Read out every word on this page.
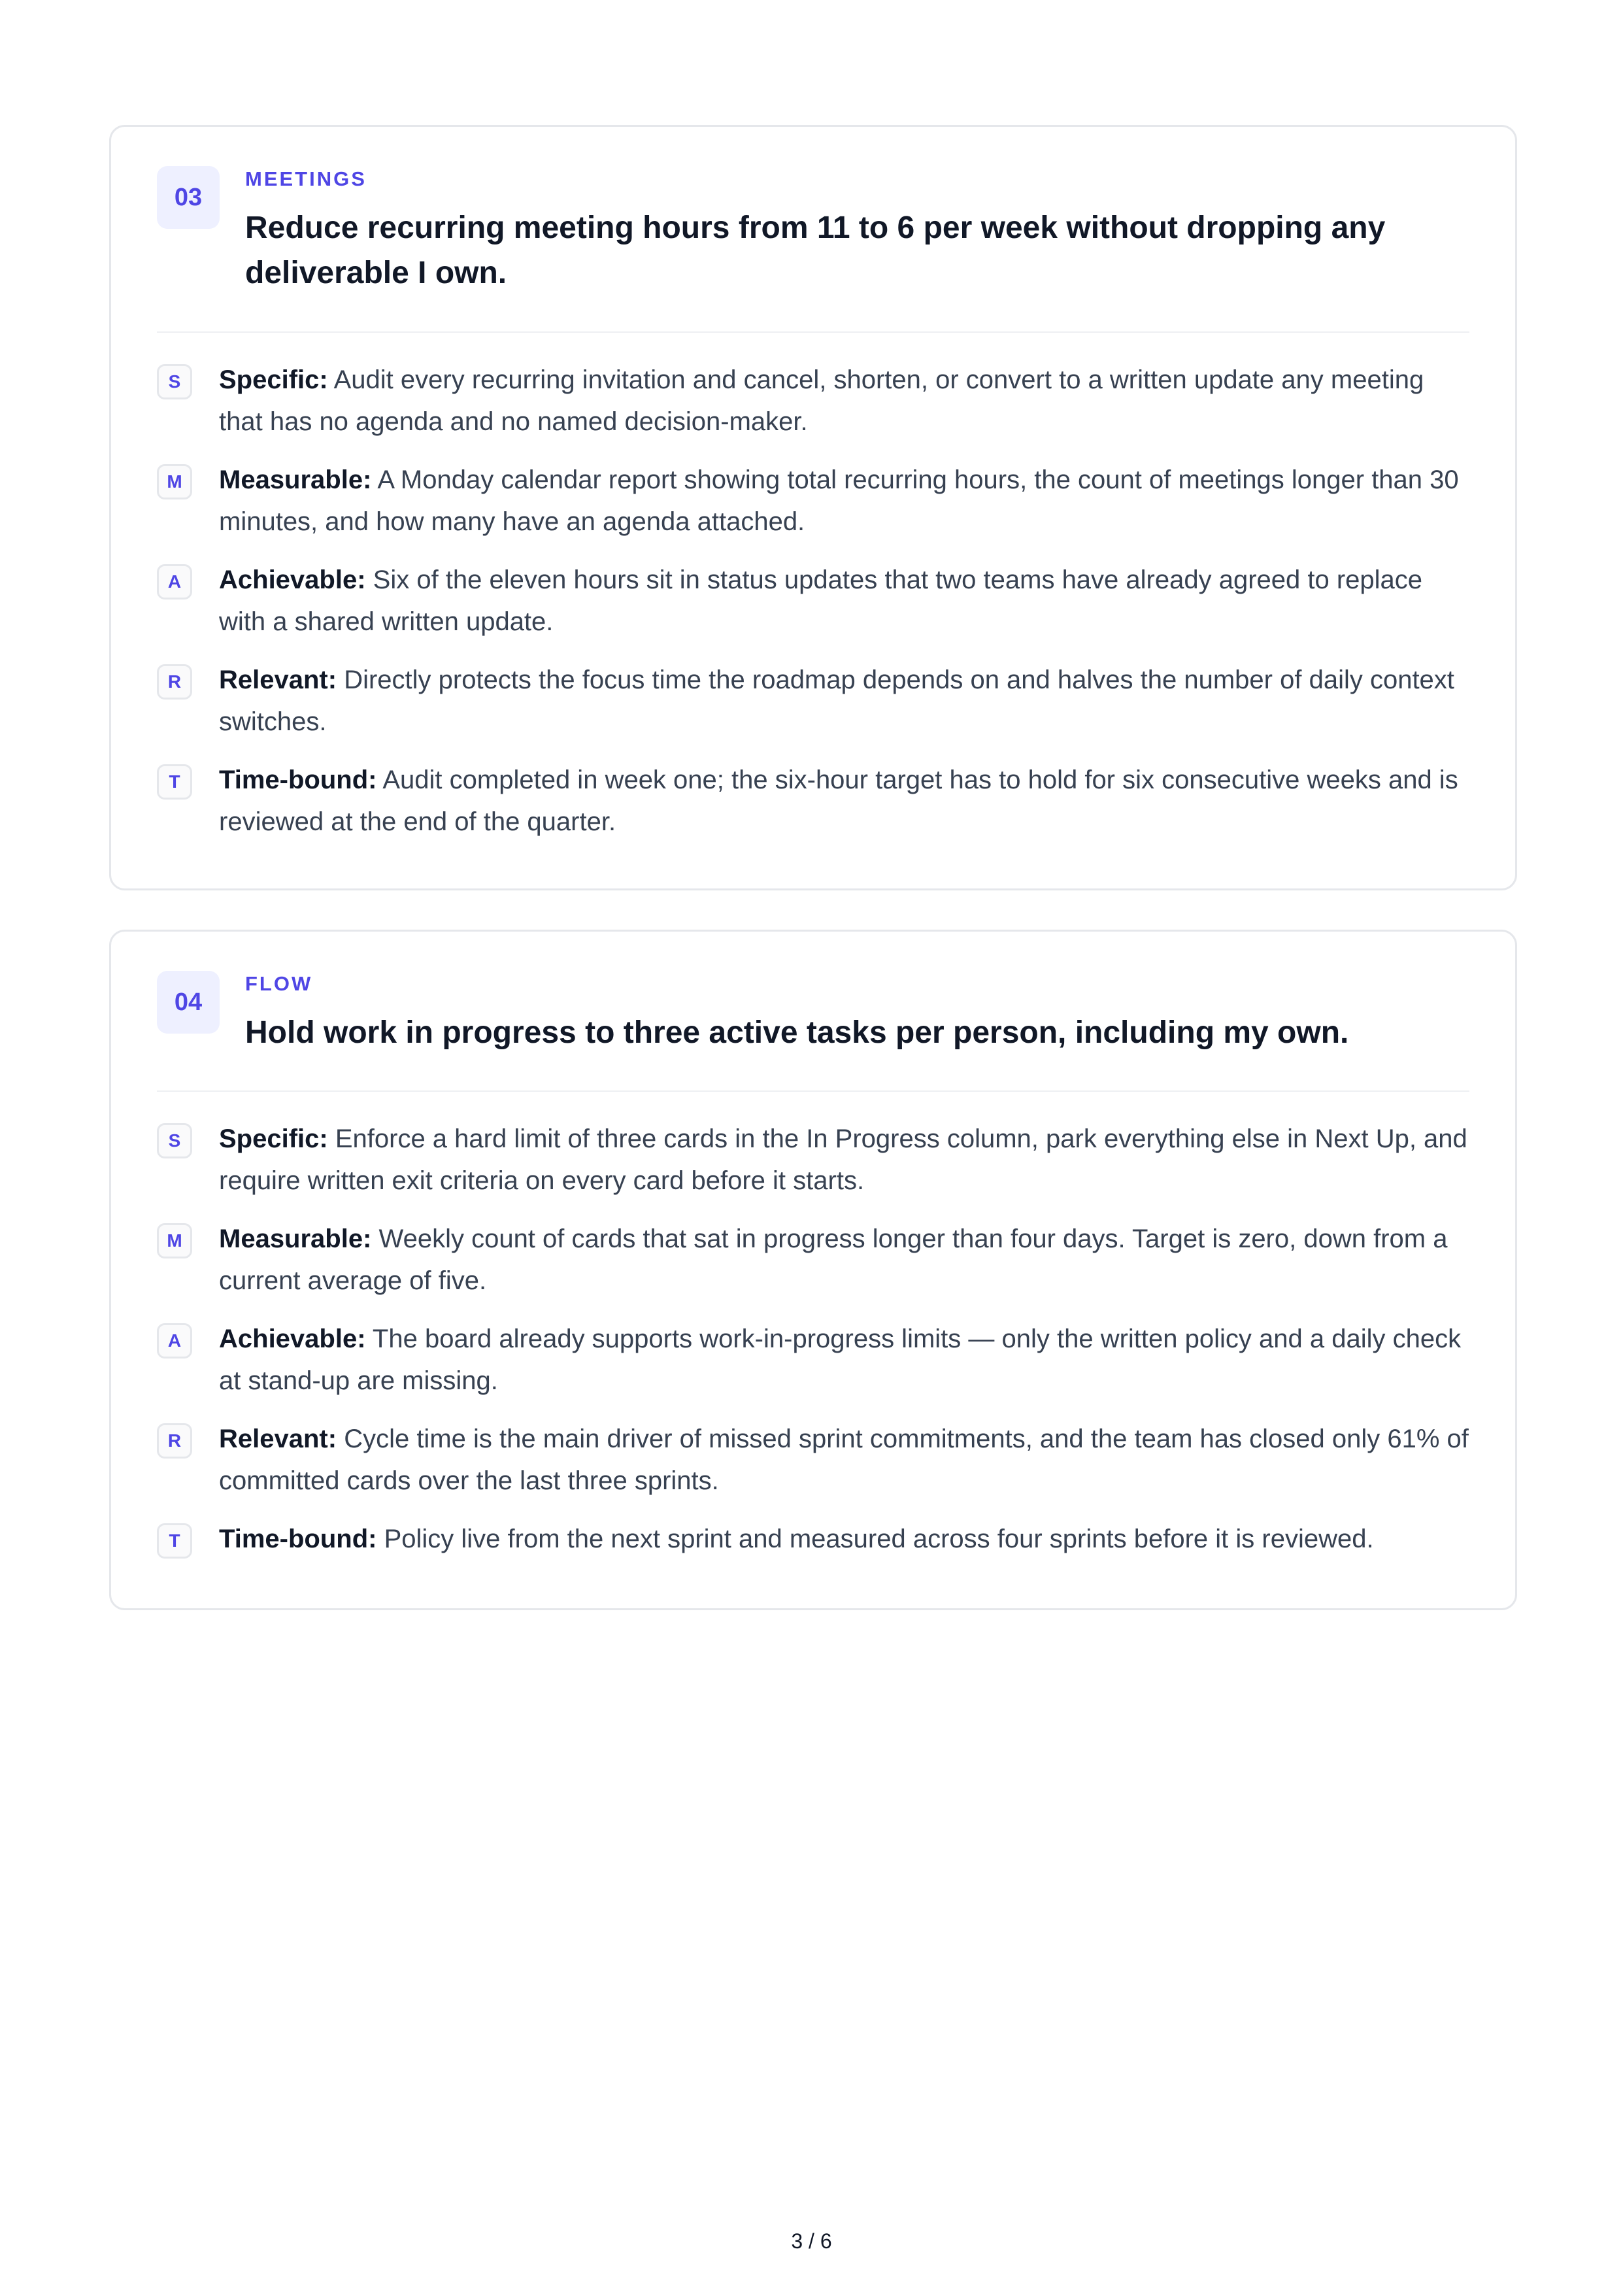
03
MEETINGS
Reduce recurring meeting hours from 11 to 6 per week without dropping any deliverable I own.
S	Specific: Audit every recurring invitation and cancel, shorten, or convert to a written update any meeting that has no agenda and no named decision-maker.
M	Measurable: A Monday calendar report showing total recurring hours, the count of meetings longer than 30 minutes, and how many have an agenda attached.
A	Achievable: Six of the eleven hours sit in status updates that two teams have already agreed to replace with a shared written update.
R	Relevant: Directly protects the focus time the roadmap depends on and halves the number of daily context switches.
T	Time-bound: Audit completed in week one; the six-hour target has to hold for six consecutive weeks and is reviewed at the end of the quarter.
04
FLOW
Hold work in progress to three active tasks per person, including my own.
S	Specific: Enforce a hard limit of three cards in the In Progress column, park everything else in Next Up, and require written exit criteria on every card before it starts.
M	Measurable: Weekly count of cards that sat in progress longer than four days. Target is zero, down from a current average of five.
A	Achievable: The board already supports work-in-progress limits — only the written policy and a daily check at stand-up are missing.
R	Relevant: Cycle time is the main driver of missed sprint commitments, and the team has closed only 61% of committed cards over the last three sprints.
T	Time-bound: Policy live from the next sprint and measured across four sprints before it is reviewed.
3 / 6
